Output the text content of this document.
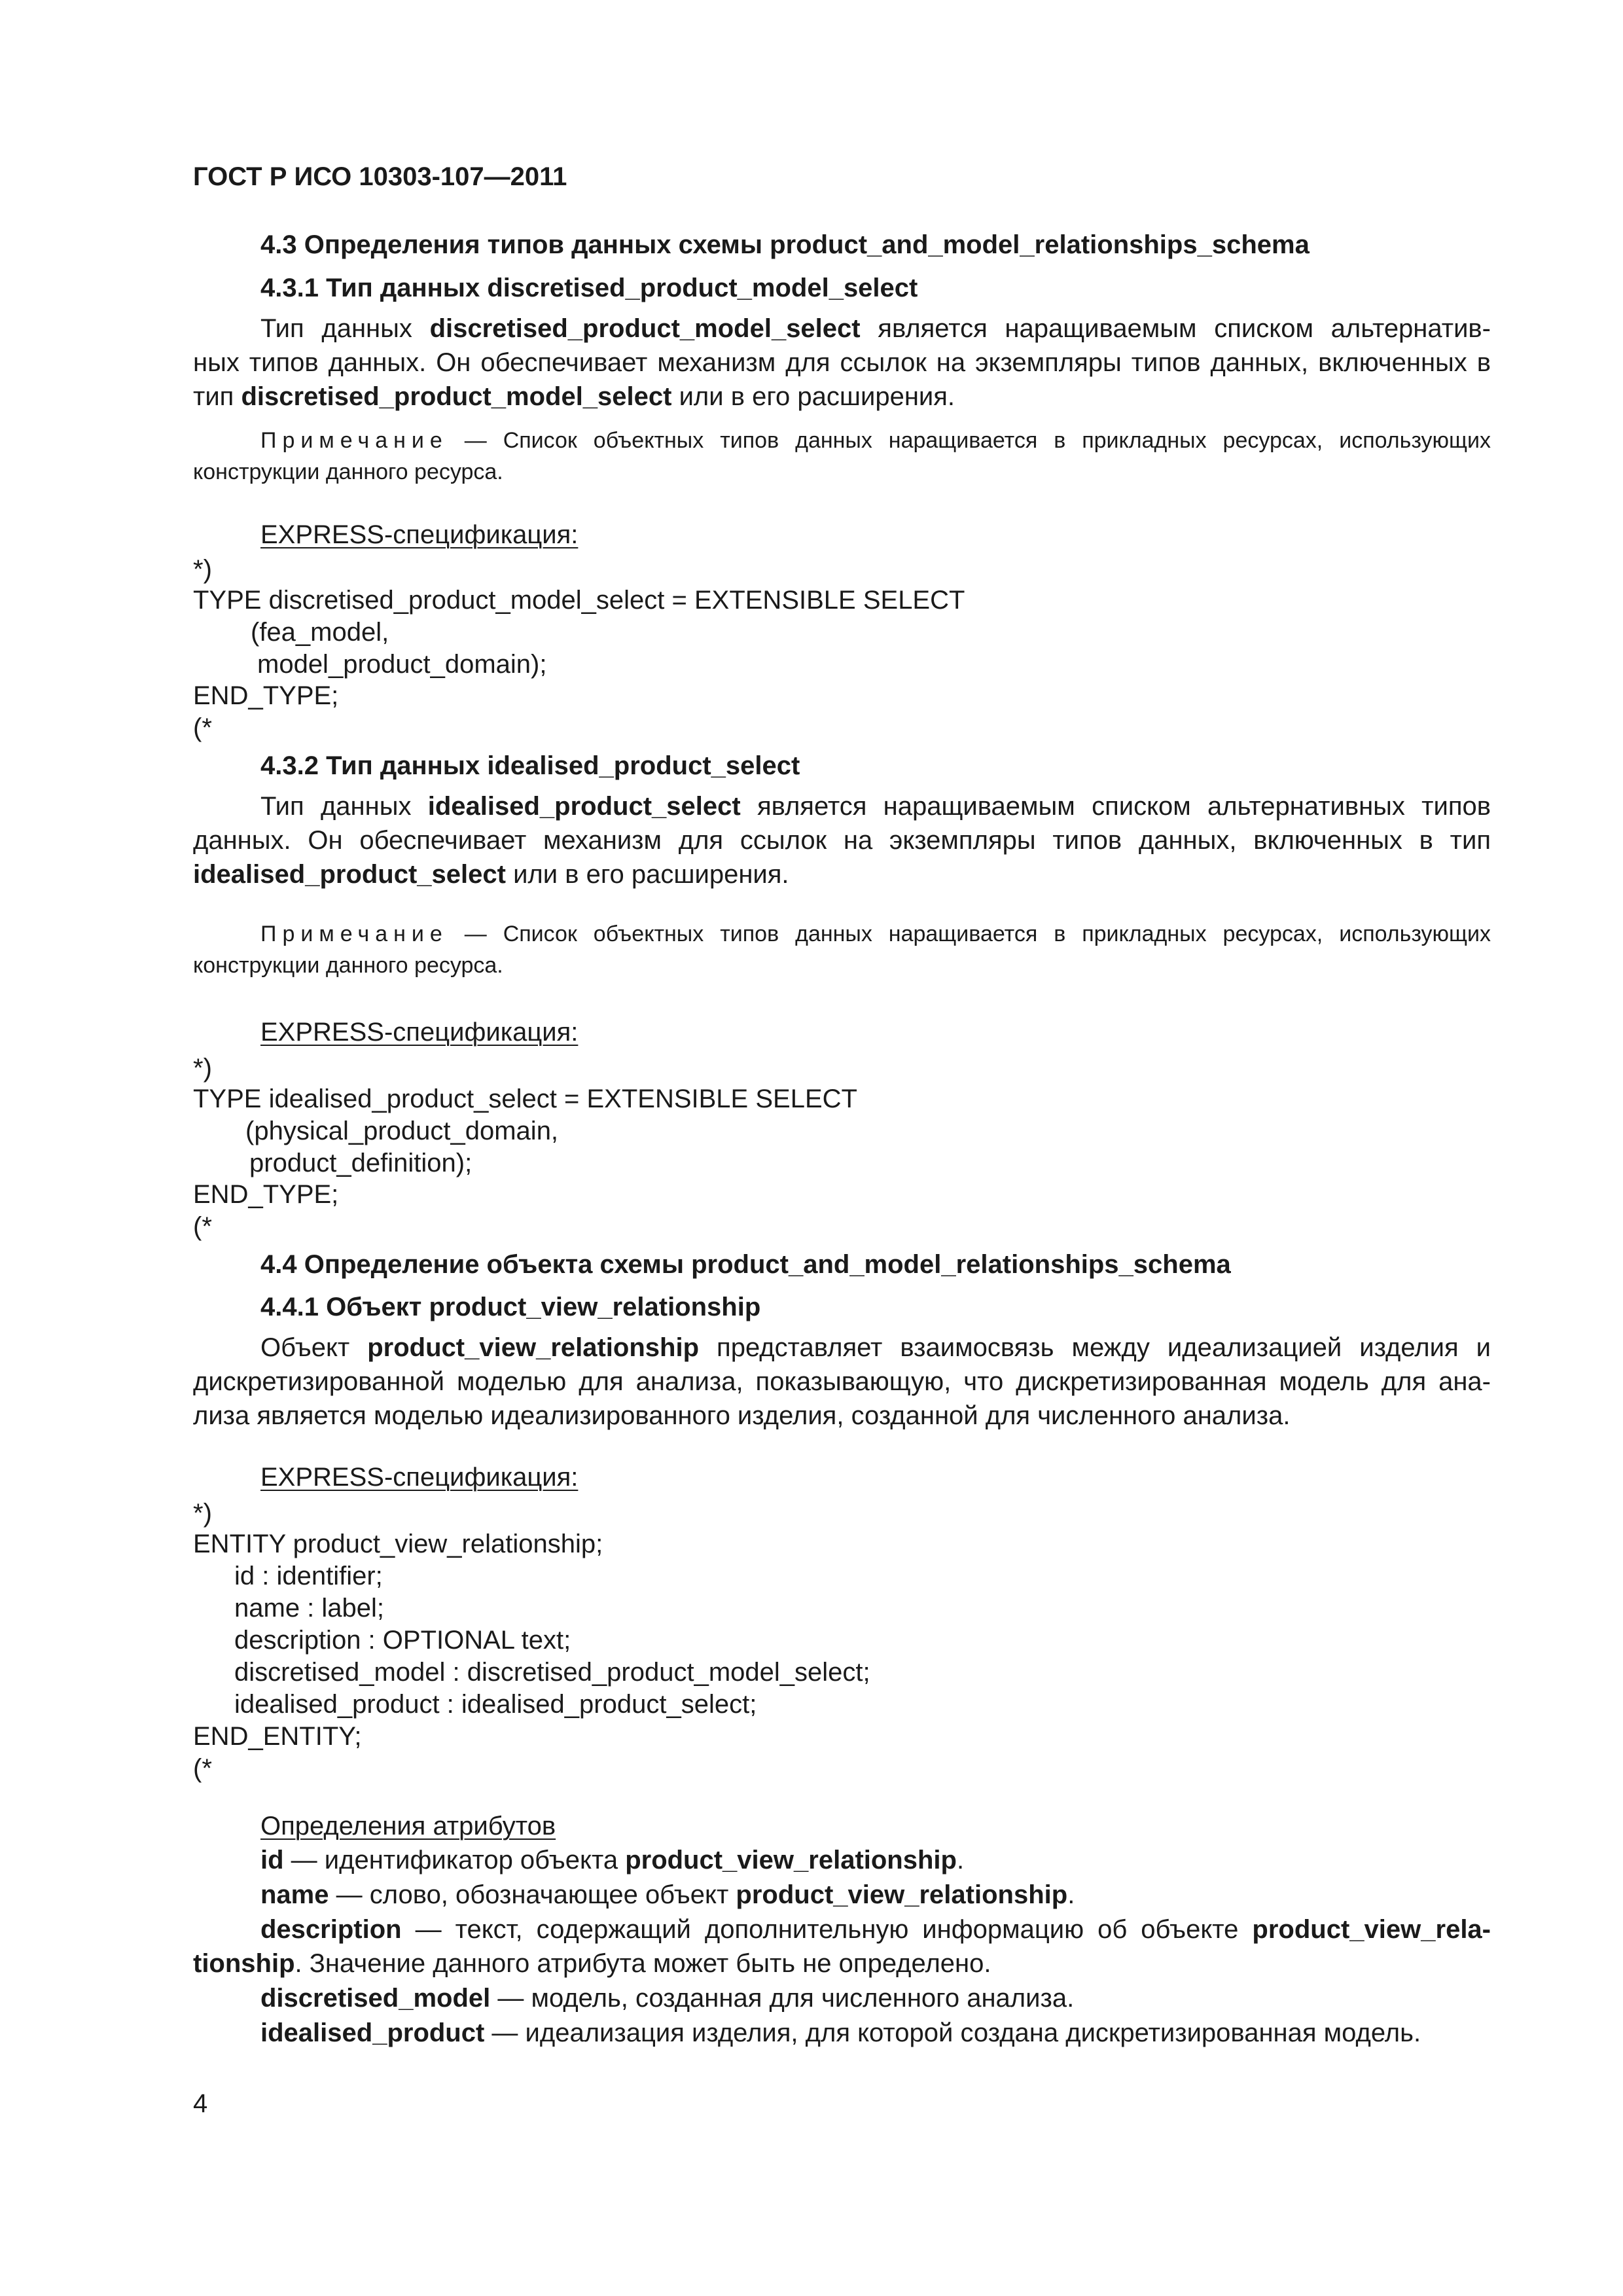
ГОСТ Р ИСО 10303-107—2011
4.3 Определения типов данных схемы product_and_model_relationships_schema
4.3.1 Тип данных discretised_product_model_select
Тип данных discretised_product_model_select является наращиваемым списком альтернатив-
ных типов данных. Он обеспечивает механизм для ссылок на экземпляры типов данных, включенных в
тип discretised_product_model_select или в его расширения.
Примечание — Список объектных типов данных наращивается в прикладных ресурсах, использующих
конструкции данного ресурса.
EXPRESS-спецификация:
*)
TYPE discretised_product_model_select = EXTENSIBLE SELECT
(fea_model,
model_product_domain);
END_TYPE;
(*
4.3.2 Тип данных idealised_product_select
Тип данных idealised_product_select является наращиваемым списком альтернативных типов
данных. Он обеспечивает механизм для ссылок на экземпляры типов данных, включенных в тип
idealised_product_select или в его расширения.
Примечание — Список объектных типов данных наращивается в прикладных ресурсах, использующих
конструкции данного ресурса.
EXPRESS-спецификация:
*)
TYPE idealised_product_select = EXTENSIBLE SELECT
(physical_product_domain,
product_definition);
END_TYPE;
(*
4.4 Определение объекта схемы product_and_model_relationships_schema
4.4.1 Объект product_view_relationship
Объект product_view_relationship представляет взаимосвязь между идеализацией изделия и
дискретизированной моделью для анализа, показывающую, что дискретизированная модель для ана-
лиза является моделью идеализированного изделия, созданной для численного анализа.
EXPRESS-спецификация:
*)
ENTITY product_view_relationship;
id : identifier;
name : label;
description : OPTIONAL text;
discretised_model : discretised_product_model_select;
idealised_product : idealised_product_select;
END_ENTITY;
(*
Определения атрибутов
id — идентификатор объекта product_view_relationship.
name — слово, обозначающее объект product_view_relationship.
description — текст, содержащий дополнительную информацию об объекте product_view_rela-
tionship. Значение данного атрибута может быть не определено.
discretised_model — модель, созданная для численного анализа.
idealised_product — идеализация изделия, для которой создана дискретизированная модель.
4
